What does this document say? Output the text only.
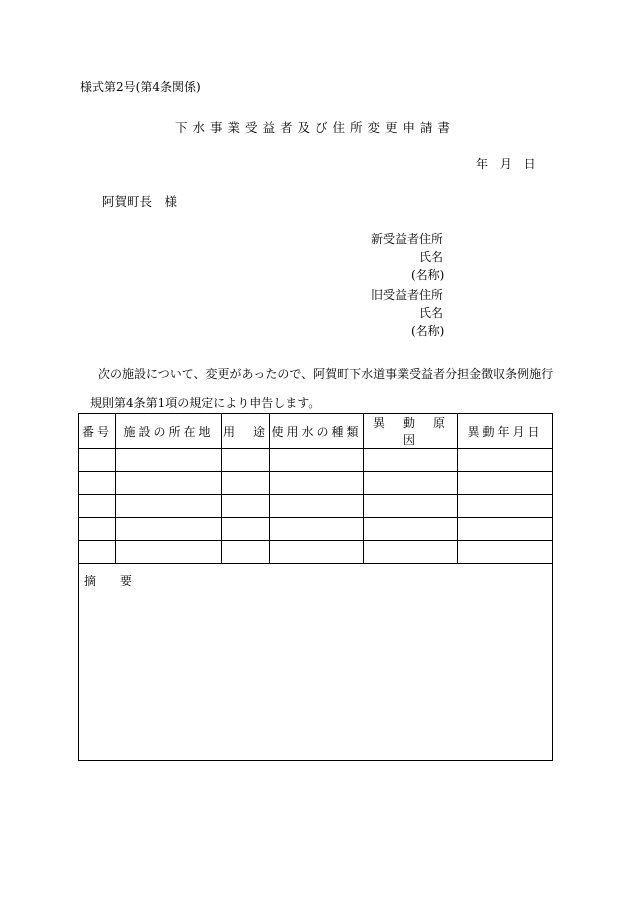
様式第2号(第4条関係)
下水事業受益者及び住所変更申請書
年 月 日
阿賀町長　様
新受益者住所
氏名
(名称)
旧受益者住所
氏名
(名称)
次の施設について、変更があったので、阿賀町下水道事業受益者分担金徴収条例施行
規則第4条第1項の規定により申告します。
番号	施設の所在地	用　途	使用水の種類	異　動　原　因	異動年月日

摘　要					
